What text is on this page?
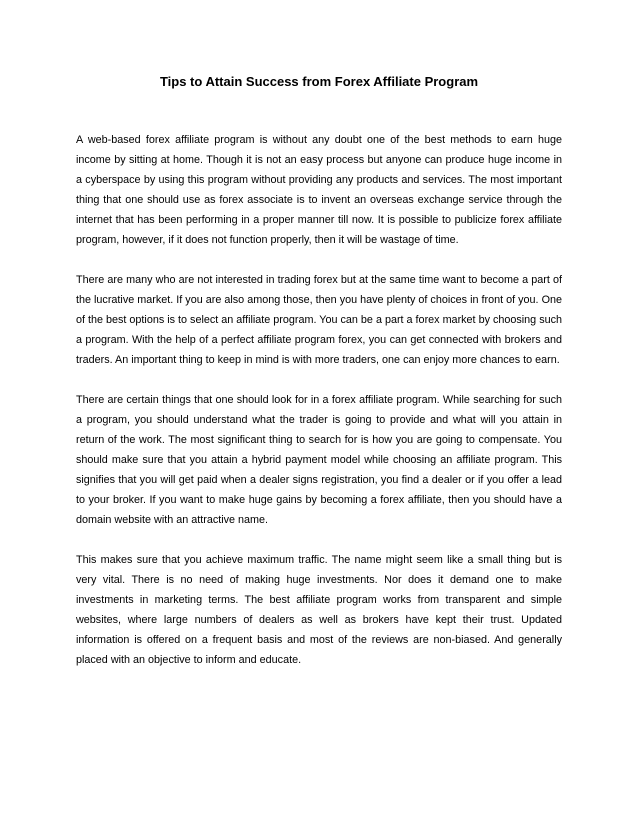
Tips to Attain Success from Forex Affiliate Program

A web-based forex affiliate program is without any doubt one of the best methods to earn huge income by sitting at home. Though it is not an easy process but anyone can produce huge income in a cyberspace by using this program without providing any products and services. The most important thing that one should use as forex associate is to invent an overseas exchange service through the internet that has been performing in a proper manner till now. It is possible to publicize forex affiliate program, however, if it does not function properly, then it will be wastage of time.

There are many who are not interested in trading forex but at the same time want to become a part of the lucrative market. If you are also among those, then you have plenty of choices in front of you. One of the best options is to select an affiliate program. You can be a part a forex market by choosing such a program. With the help of a perfect affiliate program forex, you can get connected with brokers and traders. An important thing to keep in mind is with more traders, one can enjoy more chances to earn.

There are certain things that one should look for in a forex affiliate program. While searching for such a program, you should understand what the trader is going to provide and what will you attain in return of the work. The most significant thing to search for is how you are going to compensate. You should make sure that you attain a hybrid payment model while choosing an affiliate program. This signifies that you will get paid when a dealer signs registration, you find a dealer or if you offer a lead to your broker. If you want to make huge gains by becoming a forex affiliate, then you should have a domain website with an attractive name.

This makes sure that you achieve maximum traffic. The name might seem like a small thing but is very vital. There is no need of making huge investments. Nor does it demand one to make investments in marketing terms. The best affiliate program works from transparent and simple websites, where large numbers of dealers as well as brokers have kept their trust. Updated information is offered on a frequent basis and most of the reviews are non-biased. And generally placed with an objective to inform and educate.
